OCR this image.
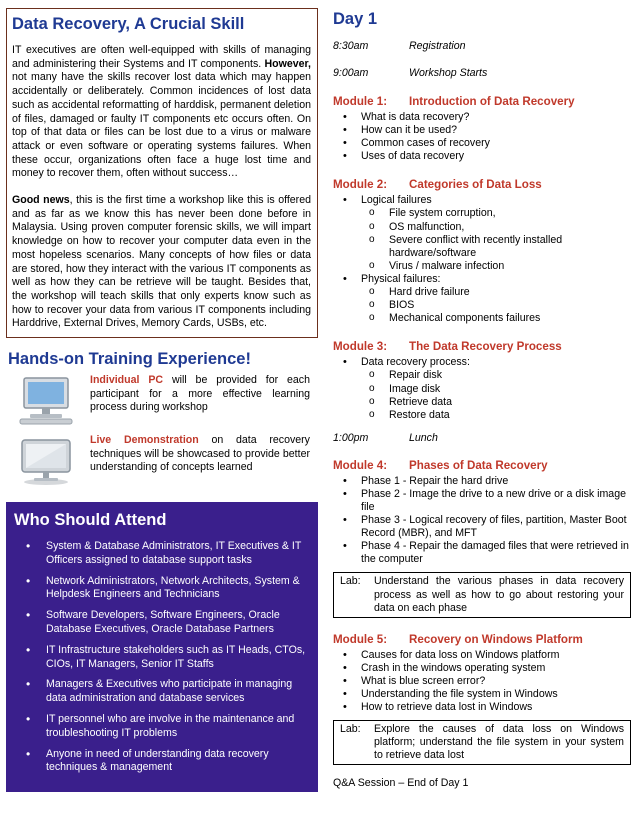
Data Recovery, A Crucial Skill

IT executives are often well-equipped with skills of managing and administering their Systems and IT components. However, not many have the skills recover lost data which may happen accidentally or deliberately. Common incidences of lost data such as accidental reformatting of harddisk, permanent deletion of files, damaged or faulty IT components etc occurs often. On top of that data or files can be lost due to a virus or malware attack or even software or operating systems failures. When these occur, organizations often face a huge lost time and money to recover them, often without success…

Good news, this is the first time a workshop like this is offered and as far as we know this has never been done before in Malaysia. Using proven computer forensic skills, we will impart knowledge on how to recover your computer data even in the most hopeless scenarios. Many concepts of how files or data are stored, how they interact with the various IT components as well as how they can be retrieve will be taught. Besides that, the workshop will teach skills that only experts know such as how to recover your data from various IT components including Harddrive, External Drives, Memory Cards, USBs, etc.

Hands-on Training Experience!
Individual PC will be provided for each participant for a more effective learning process during workshop
Live Demonstration on data recovery techniques will be showcased to provide better understanding of concepts learned
Who Should Attend
• System & Database Administrators, IT Executives & IT Officers assigned to database support tasks
• Network Administrators, Network Architects, System & Helpdesk Engineers and Technicians
• Software Developers, Software Engineers, Oracle Database Executives, Oracle Database Partners
• IT Infrastructure stakeholders such as IT Heads, CTOs, CIOs, IT Managers, Senior IT Staffs
• Managers & Executives who participate in managing data administration and database services
• IT personnel who are involve in the maintenance and troubleshooting IT problems
• Anyone in need of understanding data recovery techniques & management
Day 1
8:30am	Registration
9:00am	Workshop Starts
Module 1:	Introduction of Data Recovery
• What is data recovery?
• How can it be used?
• Common cases of recovery
• Uses of data recovery
Module 2:	Categories of Data Loss
• Logical failures
o File system corruption,
o OS malfunction,
o Severe conflict with recently installed hardware/software
o Virus / malware infection
• Physical failures:
o Hard drive failure
o BIOS
o Mechanical components failures
Module 3:	The Data Recovery Process
• Data recovery process:
o Repair disk
o Image disk
o Retrieve data
o Restore data
1:00pm	Lunch
Module 4:	Phases of Data Recovery
• Phase 1 - Repair the hard drive
• Phase 2 - Image the drive to a new drive or a disk image file
• Phase 3 - Logical recovery of files, partition, Master Boot Record (MBR), and MFT
• Phase 4 - Repair the damaged files that were retrieved in the computer
Lab:	Understand the various phases in data recovery process as well as how to go about restoring your data on each phase
Module 5:	Recovery on Windows Platform
• Causes for data loss on Windows platform
• Crash in the windows operating system
• What is blue screen error?
• Understanding the file system in Windows
• How to retrieve data lost in Windows
Lab:	Explore the causes of data loss on Windows platform; understand the file system in your system to retrieve data lost
Q&A Session – End of Day 1
